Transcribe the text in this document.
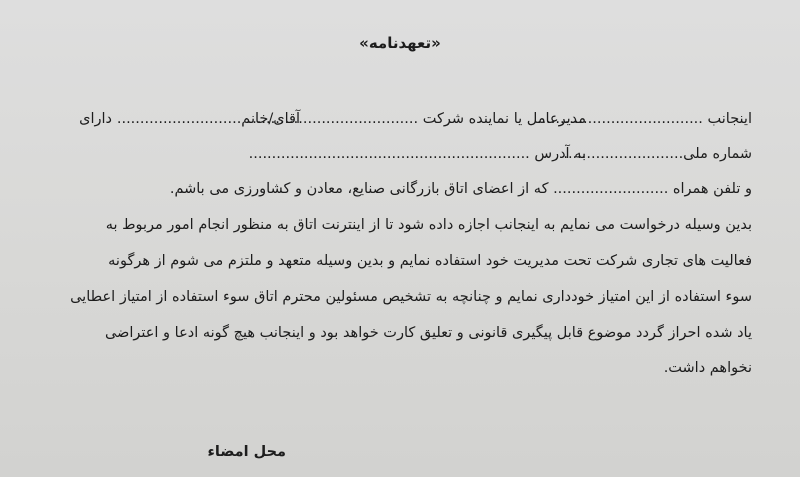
«تعهدنامه»
اینجانب ....................................
مدیرعامل یا نماینده شرکت ....................................
آقای/خانم...........................
دارای
شماره ملی..........................
به آدرس .............................................................
و تلفن همراه ......................... که از اعضای اتاق بازرگانی صنایع، معادن و کشاورزی می باشم.
بدین وسیله درخواست می نمایم به اینجانب اجازه داده شود تا از اینترنت اتاق به منظور انجام امور مربوط به
فعالیت های تجاری شرکت تحت مدیریت خود استفاده نمایم و بدین وسیله متعهد و ملتزم می شوم از هرگونه
سوء استفاده از این امتیاز خودداری نمایم و چنانچه به تشخیص مسئولین محترم اتاق سوء استفاده از امتیاز اعطایی
یاد شده احراز گردد موضوع قابل پیگیری قانونی و تعلیق کارت خواهد بود و اینجانب هیچ گونه ادعا و اعتراضی
نخواهم داشت.
محل امضاء
